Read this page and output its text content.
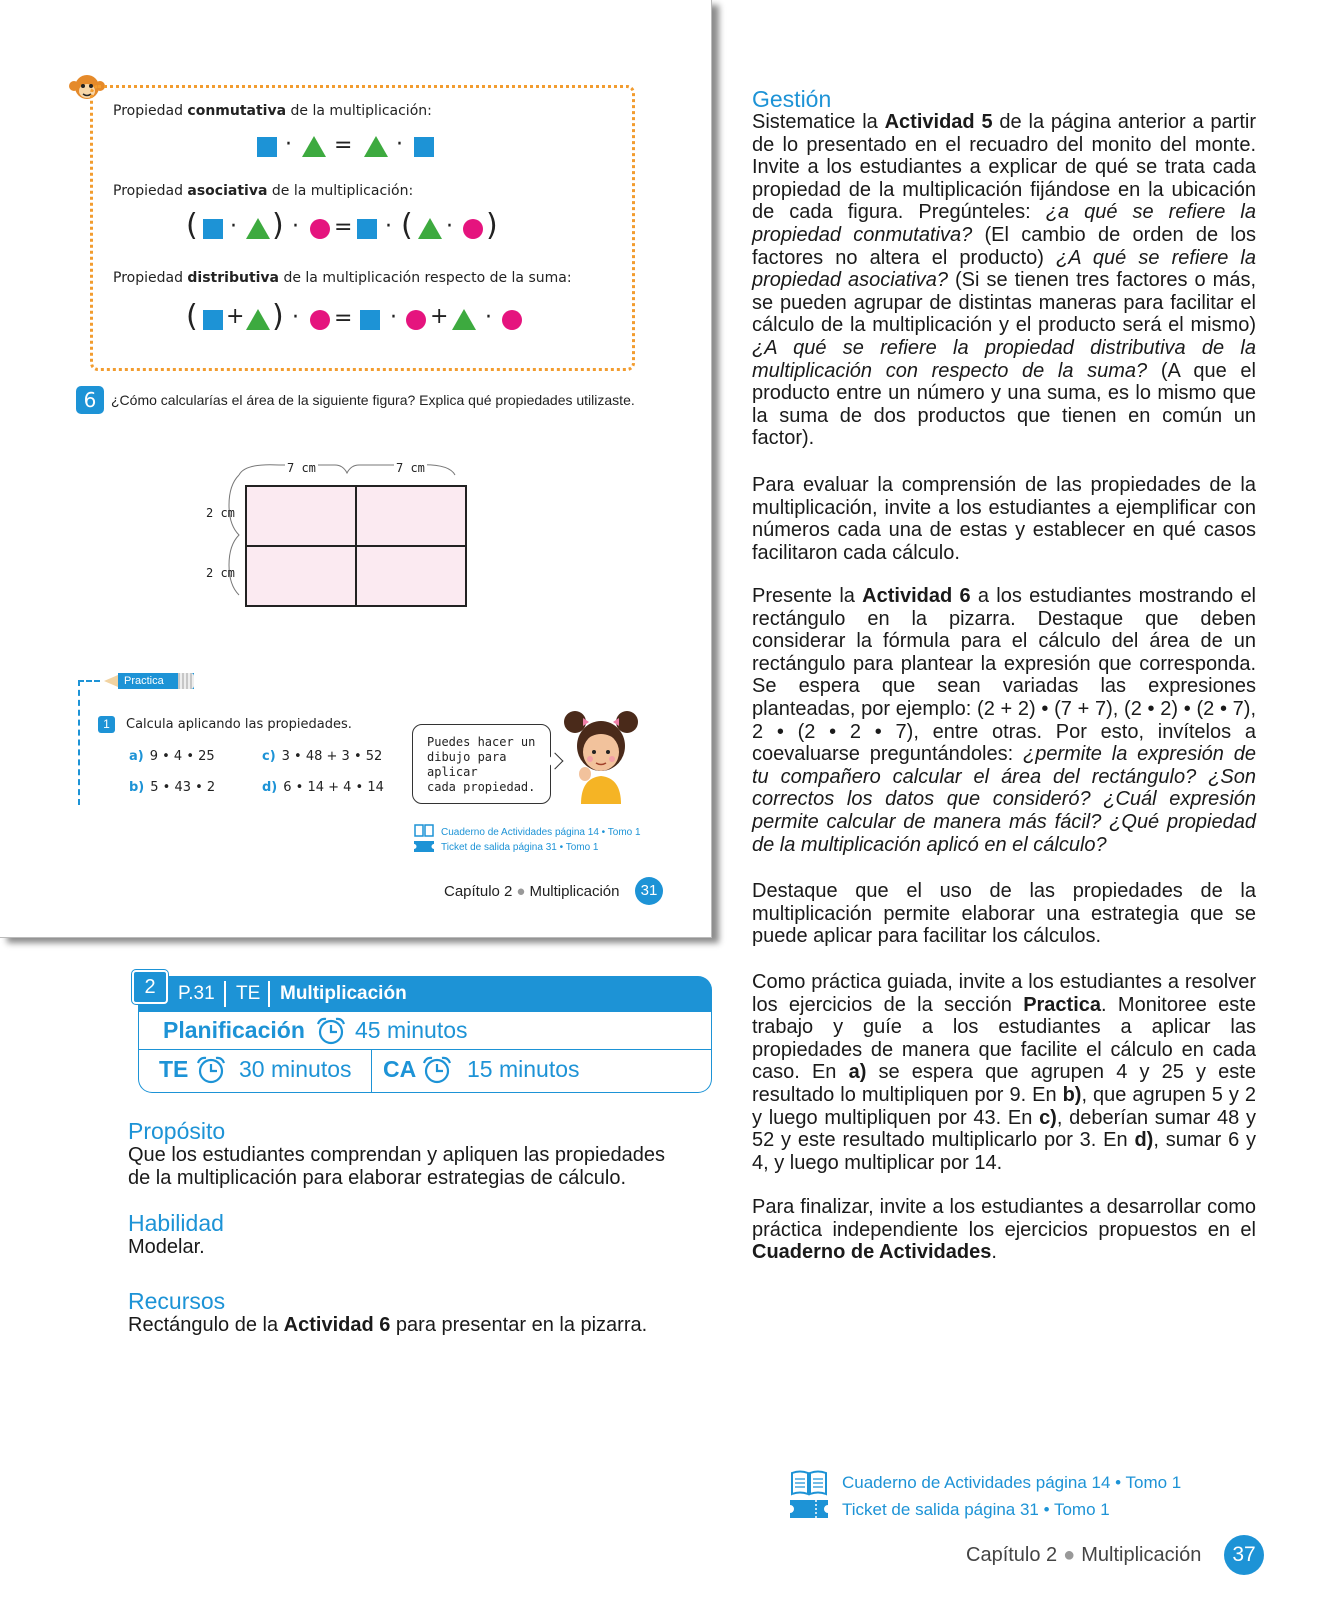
Propiedad conmutativa de la multiplicación:
· = ·
Propiedad asociativa de la multiplicación:
( · ) · = · ( · )
Propiedad distributiva de la multiplicación respecto de la suma:
( + ) · = · + ·
6	¿Cómo calcularías el área de la siguiente figura? Explica qué propiedades utilizaste.
7 cm	7 cm
2 cm
2 cm
Practica
1	Calcula aplicando las propiedades.
a) 9 • 4 • 25	c) 3 • 48 + 3 • 52
b) 5 • 43 • 2	d) 6 • 14 + 4 • 14
Puedes hacer un
dibujo para aplicar
cada propiedad.
Cuaderno de Actividades página 14 • Tomo 1
Ticket de salida página 31 • Tomo 1
Capítulo 2 ● Multiplicación	31
2	P.31 TE Multiplicación
Planificación 45 minutos
TE 30 minutos CA 15 minutos
Propósito
Que los estudiantes comprendan y apliquen las propiedades
de la multiplicación para elaborar estrategias de cálculo.
Habilidad
Modelar.
Recursos
Rectángulo de la Actividad 6 para presentar en la pizarra.
Gestión
Sistematice la Actividad 5 de la página anterior a partir de lo presentado en el recuadro del monito del monte. Invite a los estudiantes a explicar de qué se trata cada propiedad de la multiplicación fijándose en la ubicación de cada figura. Pregúnteles: ¿a qué se refiere la propiedad conmutativa? (El cambio de orden de los factores no altera el producto) ¿A qué se refiere la propiedad asociativa? (Si se tienen tres factores o más, se pueden agrupar de distintas maneras para facilitar el cálculo de la multiplicación y el producto será el mismo) ¿A qué se refiere la propiedad distributiva de la multiplicación con respecto de la suma? (A que el producto entre un número y una suma, es lo mismo que la suma de dos productos que tienen en común un factor).
Para evaluar la comprensión de las propiedades de la multiplicación, invite a los estudiantes a ejemplificar con números cada una de estas y establecer en qué casos facilitaron cada cálculo.
Presente la Actividad 6 a los estudiantes mostrando el rectángulo en la pizarra. Destaque que deben considerar la fórmula para el cálculo del área de un rectángulo para plantear la expresión que corresponda. Se espera que sean variadas las expresiones planteadas, por ejemplo: (2 + 2) • (7 + 7), (2 • 2) • (2 • 7), 2 • (2 • 2 • 7), entre otras. Por esto, invítelos a coevaluarse preguntándoles: ¿permite la expresión de tu compañero calcular el área del rectángulo? ¿Son correctos los datos que consideró? ¿Cuál expresión permite calcular de manera más fácil? ¿Qué propiedad de la multiplicación aplicó en el cálculo?
Destaque que el uso de las propiedades de la multiplicación permite elaborar una estrategia que se puede aplicar para facilitar los cálculos.
Como práctica guiada, invite a los estudiantes a resolver los ejercicios de la sección Practica. Monitoree este trabajo y guíe a los estudiantes a aplicar las propiedades de manera que facilite el cálculo en cada caso. En a) se espera que agrupen 4 y 25 y este resultado lo multipliquen por 9. En b), que agrupen 5 y 2 y luego multipliquen por 43. En c), deberían sumar 48 y 52 y este resultado multiplicarlo por 3. En d), sumar 6 y 4, y luego multiplicar por 14.
Para finalizar, invite a los estudiantes a desarrollar como práctica independiente los ejercicios propuestos en el Cuaderno de Actividades.
Cuaderno de Actividades página 14 • Tomo 1
Ticket de salida página 31 • Tomo 1
Capítulo 2 ● Multiplicación	37
